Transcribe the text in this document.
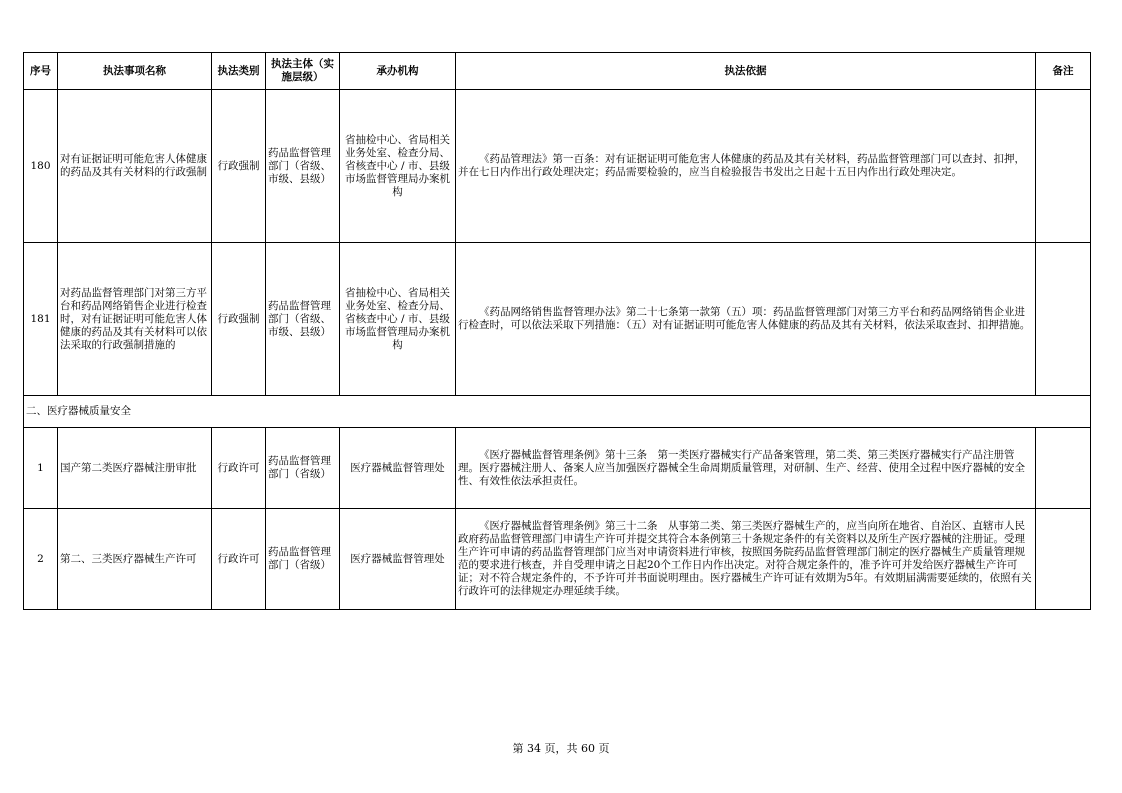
序号	执法事项名称	执法类别	执法主体（实施层级）	承办机构	执法依据	备注
180	对有证据证明可能危害人体健康的药品及其有关材料的行政强制	行政强制	药品监督管理部门（省级、市级、县级）	省抽检中心、省局相关业务处室、检查分局、省核查中心 / 市、县级市场监督管理局办案机构	《药品管理法》第一百条：对有证据证明可能危害人体健康的药品及其有关材料，药品监督管理部门可以查封、扣押，并在七日内作出行政处理决定；药品需要检验的，应当自检验报告书发出之日起十五日内作出行政处理决定。	
181	对药品监督管理部门对第三方平台和药品网络销售企业进行检查时，对有证据证明可能危害人体健康的药品及其有关材料可以依法采取的行政强制措施的	行政强制	药品监督管理部门（省级、市级、县级）	省抽检中心、省局相关业务处室、检查分局、省核查中心 / 市、县级市场监督管理局办案机构	《药品网络销售监督管理办法》第二十七条第一款第（五）项：药品监督管理部门对第三方平台和药品网络销售企业进行检查时，可以依法采取下列措施：（五）对有证据证明可能危害人体健康的药品及其有关材料，依法采取查封、扣押措施。	
二、医疗器械质量安全						
1	国产第二类医疗器械注册审批	行政许可	药品监督管理部门（省级）	医疗器械监督管理处	《医疗器械监督管理条例》第十三条　第一类医疗器械实行产品备案管理，第二类、第三类医疗器械实行产品注册管理。医疗器械注册人、备案人应当加强医疗器械全生命周期质量管理，对研制、生产、经营、使用全过程中医疗器械的安全性、有效性依法承担责任。	
2	第二、三类医疗器械生产许可	行政许可	药品监督管理部门（省级）	医疗器械监督管理处	《医疗器械监督管理条例》第三十二条　从事第二类、第三类医疗器械生产的，应当向所在地省、自治区、直辖市人民政府药品监督管理部门申请生产许可并提交其符合本条例第三十条规定条件的有关资料以及所生产医疗器械的注册证。受理生产许可申请的药品监督管理部门应当对申请资料进行审核，按照国务院药品监督管理部门制定的医疗器械生产质量管理规范的要求进行核查，并自受理申请之日起20个工作日内作出决定。对符合规定条件的，准予许可并发给医疗器械生产许可证；对不符合规定条件的，不予许可并书面说明理由。医疗器械生产许可证有效期为5年。有效期届满需要延续的，依照有关行政许可的法律规定办理延续手续。	
第 34 页，共 60 页
